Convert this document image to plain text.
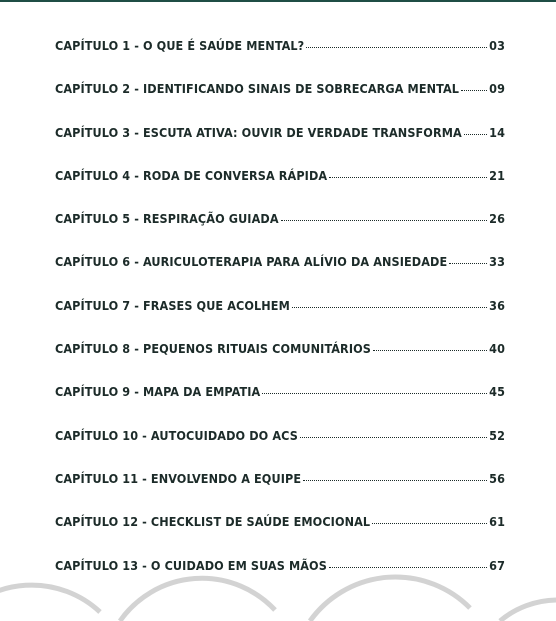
CAPÍTULO 1 - O QUE É SAÚDE MENTAL?	03
CAPÍTULO 2 - IDENTIFICANDO SINAIS DE SOBRECARGA MENTAL 09
CAPÍTULO 3 - ESCUTA ATIVA: OUVIR DE VERDADE TRANSFORMA 14
CAPÍTULO 4 - RODA DE CONVERSA RÁPIDA	21
CAPÍTULO 5 - RESPIRAÇÃO GUIADA	26
CAPÍTULO 6 - AURICULOTERAPIA PARA ALÍVIO DA ANSIEDADE	33
CAPÍTULO 7 - FRASES QUE ACOLHEM	36
CAPÍTULO 8 - PEQUENOS RITUAIS COMUNITÁRIOS	40
CAPÍTULO 9 - MAPA DA EMPATIA	45
CAPÍTULO 10 - AUTOCUIDADO DO ACS	52
CAPÍTULO 11 - ENVOLVENDO A EQUIPE	56
CAPÍTULO 12 - CHECKLIST DE SAÚDE EMOCIONAL	61
CAPÍTULO 13 - O CUIDADO EM SUAS MÃOS	67
